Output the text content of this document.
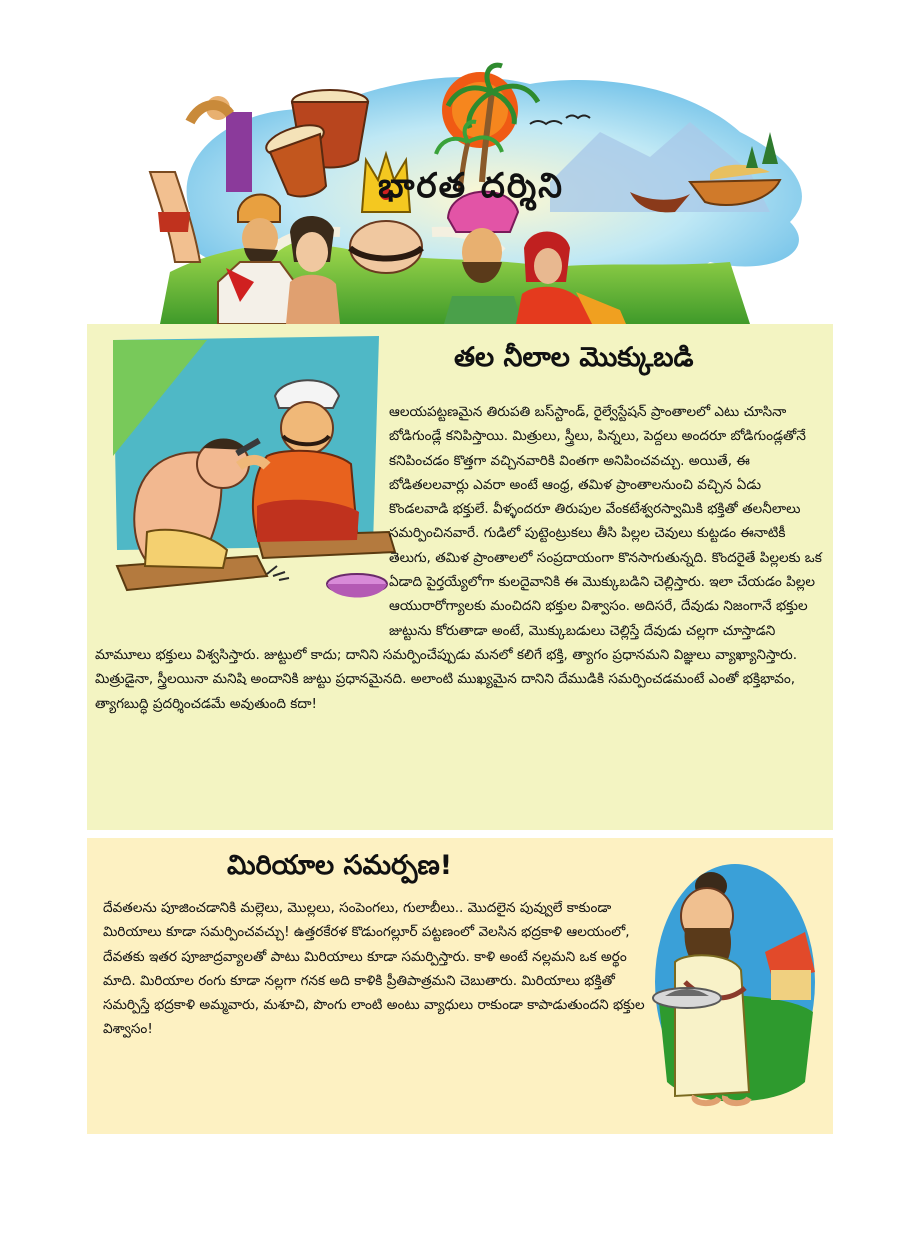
భారత దర్శిని
తల నీలాల మొక్కుబడి
ఆలయపట్టణమైన తిరుపతి బస్‌స్టాండ్, రైల్వేస్టేషన్ ప్రాంతాలలో ఎటు చూసినా బోడిగుండ్లే కనిపిస్తాయి. మిత్రులు, స్త్రీలు, పిన్నలు, పెద్దలు అందరూ బోడిగుండ్లతోనే కనిపించడం కొత్తగా వచ్చినవారికి వింతగా అనిపించవచ్చు. అయితే, ఈ బోడితలలవార్లు ఎవరా అంటే ఆంధ్ర, తమిళ ప్రాంతాలనుంచి వచ్చిన ఏడు కొండలవాడి భక్తులే. వీళ్ళందరూ తిరుపుల వేంకటేశ్వరస్వామికి భక్తితో తలనీలాలు సమర్పించినవారే. గుడిలో పుట్టెంట్రుకలు తీసి పిల్లల చెవులు కుట్టడం ఈనాటికీ తెలుగు, తమిళ ప్రాంతాలలో సంప్రదాయంగా కొనసాగుతున్నది. కొందరైతే పిల్లలకు ఒక ఏడాది పైర్తయ్యేలోగా కులదైవానికి ఈ మొక్కుబడిని చెల్లిస్తారు. ఇలా చేయడం పిల్లల ఆయురారోగ్యాలకు మంచిదని భక్తుల విశ్వాసం. అదిసరే, దేవుడు నిజంగానే భక్తుల జుట్టును కోరుతాడా అంటే, మొక్కుబడులు చెల్లిస్తే దేవుడు చల్లగా చూస్తాడని మామూలు భక్తులు విశ్వసిస్తారు. జుట్టులో కాదు; దానిని సమర్పించేప్పుడు మనలో కలిగే భక్తి, త్యాగం ప్రధానమని విజ్ఞులు వ్యాఖ్యానిస్తారు. మిత్రుడైనా, స్త్రీలయినా మనిషి అందానికి జుట్టు ప్రధానమైనది. అలాంటి ముఖ్యమైన దానిని దేముడికి సమర్పించడమంటే ఎంతో భక్తిభావం, త్యాగబుద్ధి ప్రదర్శించడమే అవుతుంది కదా!
మిరియాల సమర్పణ!
దేవతలను పూజించడానికి మల్లెలు, మొల్లలు, సంపెంగలు, గులాబీలు.. మొదలైన పువ్వులే కాకుండా మిరియాలు కూడా సమర్పించవచ్చు! ఉత్తరకేరళ కొడుంగల్లూర్ పట్టణంలో వెలసిన భద్రకాళి ఆలయంలో, దేవతకు ఇతర పూజాద్రవ్యాలతో పాటు మిరియాలు కూడా సమర్పిస్తారు. కాళి అంటే నల్లమని ఒక అర్థం మాది. మిరియాల రంగు కూడా నల్లగా గనక అది కాళికి ప్రీతిపాత్రమని చెబుతారు. మిరియాలు భక్తితో సమర్పిస్తే భద్రకాళి అమ్మవారు, మశూచి, పొంగు లాంటి అంటు వ్యాధులు రాకుండా కాపాడుతుందని భక్తుల విశ్వాసం!
